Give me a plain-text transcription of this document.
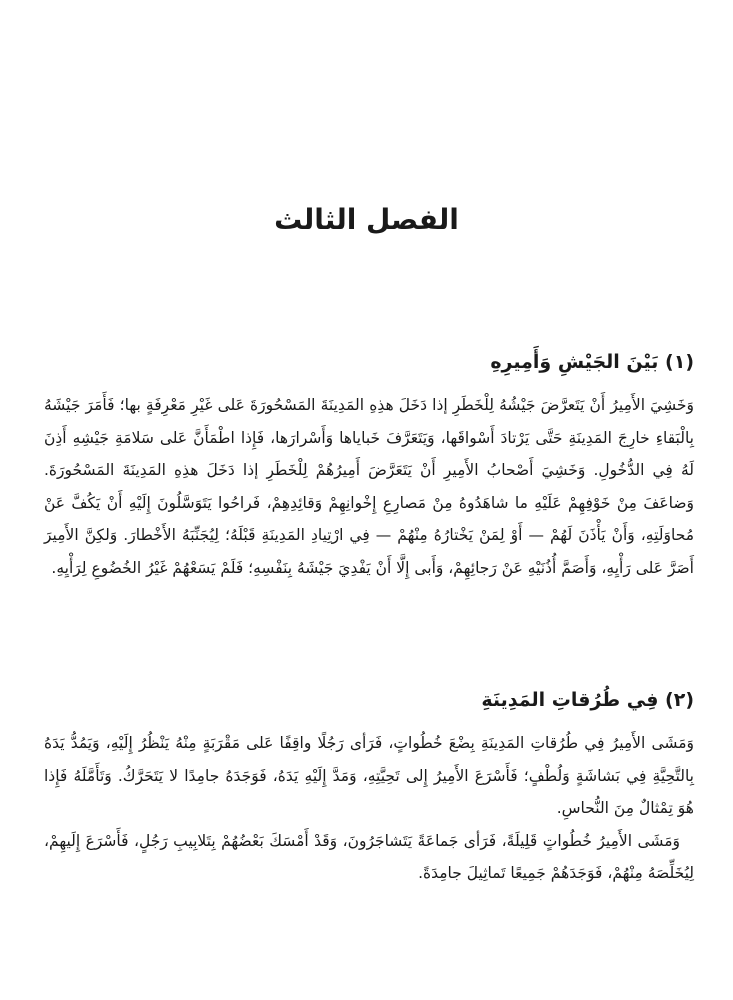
الفصل الثالث
(١) بَيْنَ الجَيْشِ وَأَمِيرِهِ

وَخَشِيَ الأَمِيرُ أَنْ يَتَعرَّضَ جَيْشُهُ لِلْخَطَرِ إذا دَخَلَ هذِهِ المَدِينَةَ المَسْحُورَةَ عَلى غَيْرِ مَعْرِفَةٍ بها؛ فَأَمَرَ جَيْشَهُ بِالْبَقاءِ خارِجَ المَدِينَةِ حَتَّى يَرْتادَ أَسْواقَها، وَيَتَعَرَّفَ خَباياها وَأَسْرارَها، فَإِذا اطْمَأَنَّ عَلى سَلامَةِ جَيْشِهِ أَذِنَ لَهُ فِي الدُّخُولِ. وَخَشِيَ أَصْحابُ الأَمِيرِ أَنْ يَتَعَرَّضَ أَمِيرُهُمْ لِلْخَطَرِ إذا دَخَلَ هذِهِ المَدِينَةَ المَسْحُورَةَ. وَضاعَفَ مِنْ خَوْفِهِمْ عَلَيْهِ ما شاهَدُوهُ مِنْ مَصارِعِ إِخْوانِهِمْ وَقائِدِهِمْ، فَراحُوا يَتَوَسَّلُونَ إِلَيْهِ أَنْ يَكُفَّ عَنْ مُحاوَلَتِهِ، وَأَنْ يَأْذَنَ لَهُمْ — أَوْ لِمَنْ يَخْتارُهُ مِنْهُمْ — فِي ارْتِيادِ المَدِينَةِ قَبْلَهُ؛ لِيُجَنِّبَهُ الأَخْطارَ. وَلكِنَّ الأَمِيرَ أَصَرَّ عَلى رَأْيِهِ، وَأَصَمَّ أُذُنَيْهِ عَنْ رَجائِهِمْ، وَأَبى إِلَّا أَنْ يَفْدِيَ جَيْشَهُ بِنَفْسِهِ؛ فَلَمْ يَسَعْهُمْ غَيْرُ الخُضُوعِ لِرَأْيِهِ.

(٢) فِي طُرُقاتِ المَدِينَةِ

وَمَشَى الأَمِيرُ فِي طُرُقاتِ المَدِينَةِ بِضْعَ خُطُواتٍ، فَرَأى رَجُلًا واقِفًا عَلى مَقْرَبَةٍ مِنْهُ يَنْظُرُ إِلَيْهِ، وَيَمُدُّ يَدَهُ بِالتَّحِيَّةِ فِي بَشاشَةٍ وَلُطْفٍ؛ فَأَسْرَعَ الأَمِيرُ إِلى تَحِيَّتِهِ، وَمَدَّ إِلَيْهِ يَدَهُ، فَوَجَدَهُ جامِدًا لا يَتَحَرَّكُ. وَتَأَمَّلَهُ فَإِذا هُوَ تِمْثالٌ مِنَ النُّحاسِ.

وَمَشَى الأَمِيرُ خُطُواتٍ قَلِيلَةً، فَرَأى جَماعَةً يَتَشاجَرُونَ، وَقَدْ أَمْسَكَ بَعْضُهُمْ بِتَلابِيبِ رَجُلٍ، فَأَسْرَعَ إِلَيهِمْ، لِيُخَلِّصَهُ مِنْهُمْ، فَوَجَدَهُمْ جَمِيعًا تَماثِيلَ جامِدَةً.
